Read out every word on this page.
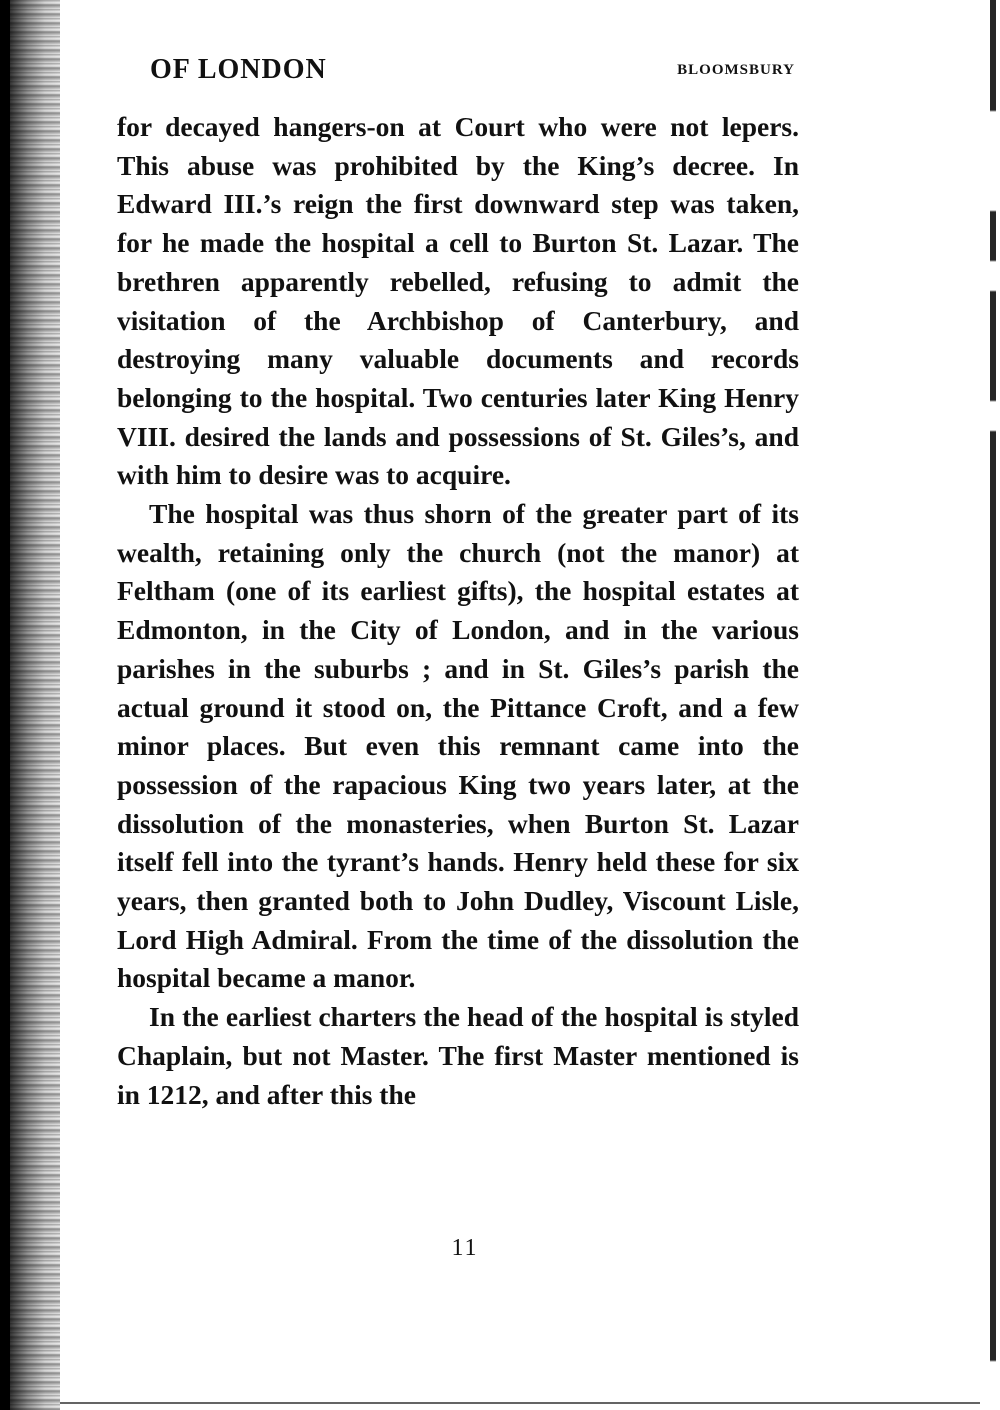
OF LONDON	BLOOMSBURY

for decayed hangers-on at Court who were not lepers. This abuse was prohibited by the King’s decree. In Edward III.’s reign the first downward step was taken, for he made the hospital a cell to Burton St. Lazar. The brethren apparently rebelled, refusing to admit the visitation of the Archbishop of Canterbury, and destroying many valuable documents and records belonging to the hospital. Two centuries later King Henry VIII. desired the lands and possessions of St. Giles’s, and with him to desire was to acquire.

The hospital was thus shorn of the greater part of its wealth, retaining only the church (not the manor) at Feltham (one of its earliest gifts), the hospital estates at Edmonton, in the City of London, and in the various parishes in the suburbs ; and in St. Giles’s parish the actual ground it stood on, the Pittance Croft, and a few minor places. But even this remnant came into the possession of the rapacious King two years later, at the dissolution of the monasteries, when Burton St. Lazar itself fell into the tyrant’s hands. Henry held these for six years, then granted both to John Dudley, Viscount Lisle, Lord High Admiral. From the time of the dissolution the hospital became a manor.

In the earliest charters the head of the hospital is styled Chaplain, but not Master. The first Master mentioned is in 1212, and after this the

11
